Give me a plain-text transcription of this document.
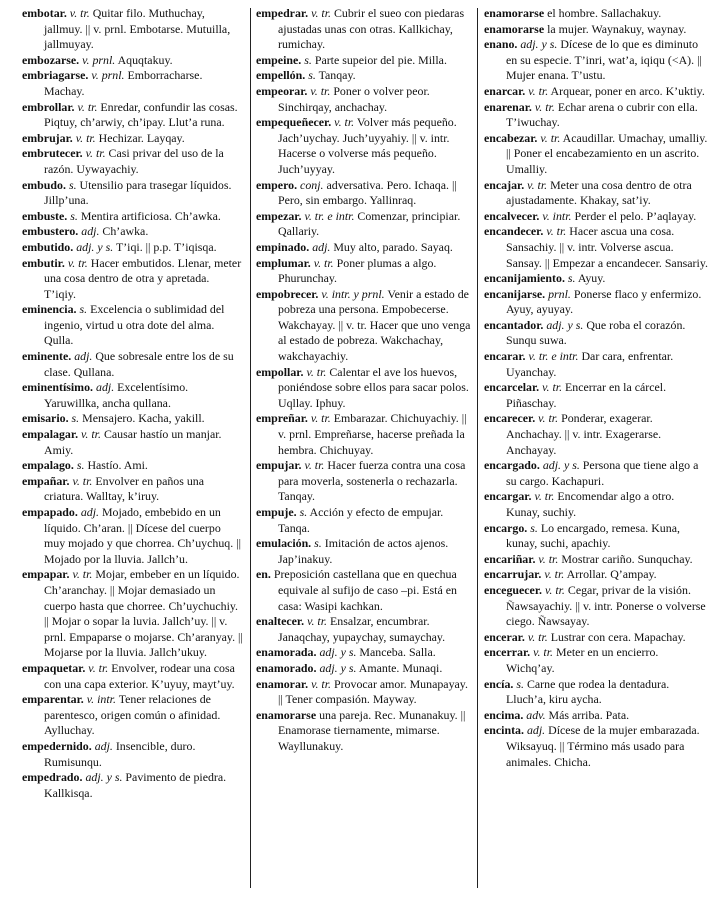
embotar. v. tr. Quitar filo. Muthuchay, jallmuy. || v. prnl. Embotarse. Mutuilla, jallmuyay.

embozarse. v. prnl. Aquqtakuy.

embriagarse. v. prnl. Emborracharse. Machay.

embrollar. v. tr. Enredar, confundir las cosas. Piqtuy, ch’arwiy, ch’ipay. Llut’a runa.

embrujar. v. tr. Hechizar. Layqay.

embrutecer. v. tr. Casi privar del uso de la razón. Uywayachiy.

embudo. s. Utensilio para trasegar líquidos. Jillp’una.

embuste. s. Mentira artificiosa. Ch’awka.

embustero. adj. Ch’awka.

embutido. adj. y s. T’iqi. || p.p. T’iqisqa.

embutir. v. tr. Hacer embutidos. Llenar, meter una cosa dentro de otra y apretada. T’iqiy.

eminencia. s. Excelencia o sublimidad del ingenio, virtud u otra dote del alma. Qulla.

eminente. adj. Que sobresale entre los de su clase. Qullana.

eminentísimo. adj. Excelentísimo. Yaruwillka, ancha qullana.

emisario. s. Mensajero. Kacha, yakill.

empalagar. v. tr. Causar hastío un manjar. Amiy.

empalago. s. Hastío. Ami.

empañar. v. tr. Envolver en paños una criatura. Walltay, k’iruy.

empapado. adj. Mojado, embebido en un líquido. Ch’aran. || Dícese del cuerpo muy mojado y que chorrea. Ch’uychuq. || Mojado por la lluvia. Jallch’u.

empapar. v. tr. Mojar, embeber en un líquido. Ch’aranchay. || Mojar demasiado un cuerpo hasta que chorree. Ch’uychuchiy. || Mojar o sopar la luvia. Jallch’uy. || v. prnl. Empaparse o mojarse. Ch’aranyay. || Mojarse por la lluvia. Jallch’ukuy.

empaquetar. v. tr. Envolver, rodear una cosa con una capa exterior. K’uyuy, mayt’uy.

emparentar. v. intr. Tener relaciones de parentesco, origen común o afinidad. Aylluchay.

empedernido. adj. Insencible, duro. Rumisunqu.

empedrado. adj. y s. Pavimento de piedra. Kallkisqa.

empedrar. v. tr. Cubrir el sueo con piedaras ajustadas unas con otras. Kallkichay, rumichay.

empeine. s. Parte supeior del pie. Milla.

empellón. s. Tanqay.

empeorar. v. tr. Poner o volver peor. Sinchirqay, anchachay.

empequeñecer. v. tr. Volver más pequeño. Jach’uychay. Juch’uyyahiy. || v. intr. Hacerse o volverse más pequeño. Juch’uyyay.

empero. conj. adversativa. Pero. Ichaqa. || Pero, sin embargo. Yallinraq.

empezar. v. tr. e intr. Comenzar, principiar. Qallariy.

empinado. adj. Muy alto, parado. Sayaq.

emplumar. v. tr. Poner plumas a algo. Phurunchay.

empobrecer. v. intr. y prnl. Venir a estado de pobreza una persona. Empobecerse. Wakchayay. || v. tr. Hacer que uno venga al estado de pobreza. Wakchachay, wakchayachiy.

empollar. v. tr. Calentar el ave los huevos, poniéndose sobre ellos para sacar polos. Uqllay. Iphuy.

empreñar. v. tr. Embarazar. Chichuyachiy. || v. prnl. Empreñarse, hacerse preñada la hembra. Chichuyay.

empujar. v. tr. Hacer fuerza contra una cosa para moverla, sostenerla o rechazarla. Tanqay.

empuje. s. Acción y efecto de empujar. Tanqa.

emulación. s. Imitación de actos ajenos. Jap’inakuy.

en. Preposición castellana que en quechua equivale al sufijo de caso –pi. Está en casa: Wasipi kachkan.

enaltecer. v. tr. Ensalzar, encumbrar. Janaqchay, yupaychay, sumaychay.

enamorada. adj. y s. Manceba. Salla.

enamorado. adj. y s. Amante. Munaqi.

enamorar. v. tr. Provocar amor. Munapayay. || Tener compasión. Mayway.

enamorarse una pareja. Rec. Munanakuy. || Enamorase tiernamente, mimarse. Wayllunakuy.

enamorarse el hombre. Sallachakuy.

enamorarse la mujer. Waynakuy, waynay.

enano. adj. y s. Dícese de lo que es diminuto en su especie. T’inri, wat’a, iqiqu (<A). || Mujer enana. T’ustu.

enarcar. v. tr. Arquear, poner en arco. K’uktiy.

enarenar. v. tr. Echar arena o cubrir con ella. T’iwuchay.

encabezar. v. tr. Acaudillar. Umachay, umalliy. || Poner el encabezamiento en un ascrito. Umalliy.

encajar. v. tr. Meter una cosa dentro de otra ajustadamente. Khakay, sat’iy.

encalvecer. v. intr. Perder el pelo. P’aqlayay.

encandecer. v. tr. Hacer ascua una cosa. Sansachiy. || v. intr. Volverse ascua. Sansay. || Empezar a encandecer. Sansariy.

encanijamiento. s. Ayuy.

encanijarse. prnl. Ponerse flaco y enfermizo. Ayuy, ayuyay.

encantador. adj. y s. Que roba el corazón. Sunqu suwa.

encarar. v. tr. e intr. Dar cara, enfrentar. Uyanchay.

encarcelar. v. tr. Encerrar en la cárcel. Piñaschay.

encarecer. v. tr. Ponderar, exagerar. Anchachay. || v. intr. Exagerarse. Anchayay.

encargado. adj. y s. Persona que tiene algo a su cargo. Kachapuri.

encargar. v. tr. Encomendar algo a otro. Kunay, suchiy.

encargo. s. Lo encargado, remesa. Kuna, kunay, suchi, apachiy.

encariñar. v. tr. Mostrar cariño. Sunquchay.

encarrujar. v. tr. Arrollar. Q’ampay.

enceguecer. v. tr. Cegar, privar de la visión. Ñawsayachiy. || v. intr. Ponerse o volverse ciego. Ñawsayay.

encerar. v. tr. Lustrar con cera. Mapachay.

encerrar. v. tr. Meter en un encierro. Wichq’ay.

encía. s. Carne que rodea la dentadura. Lluch’a, kiru aycha.

encima. adv. Más arriba. Pata.

encinta. adj. Dícese de la mujer embarazada. Wiksayuq. || Término más usado para animales. Chicha.
